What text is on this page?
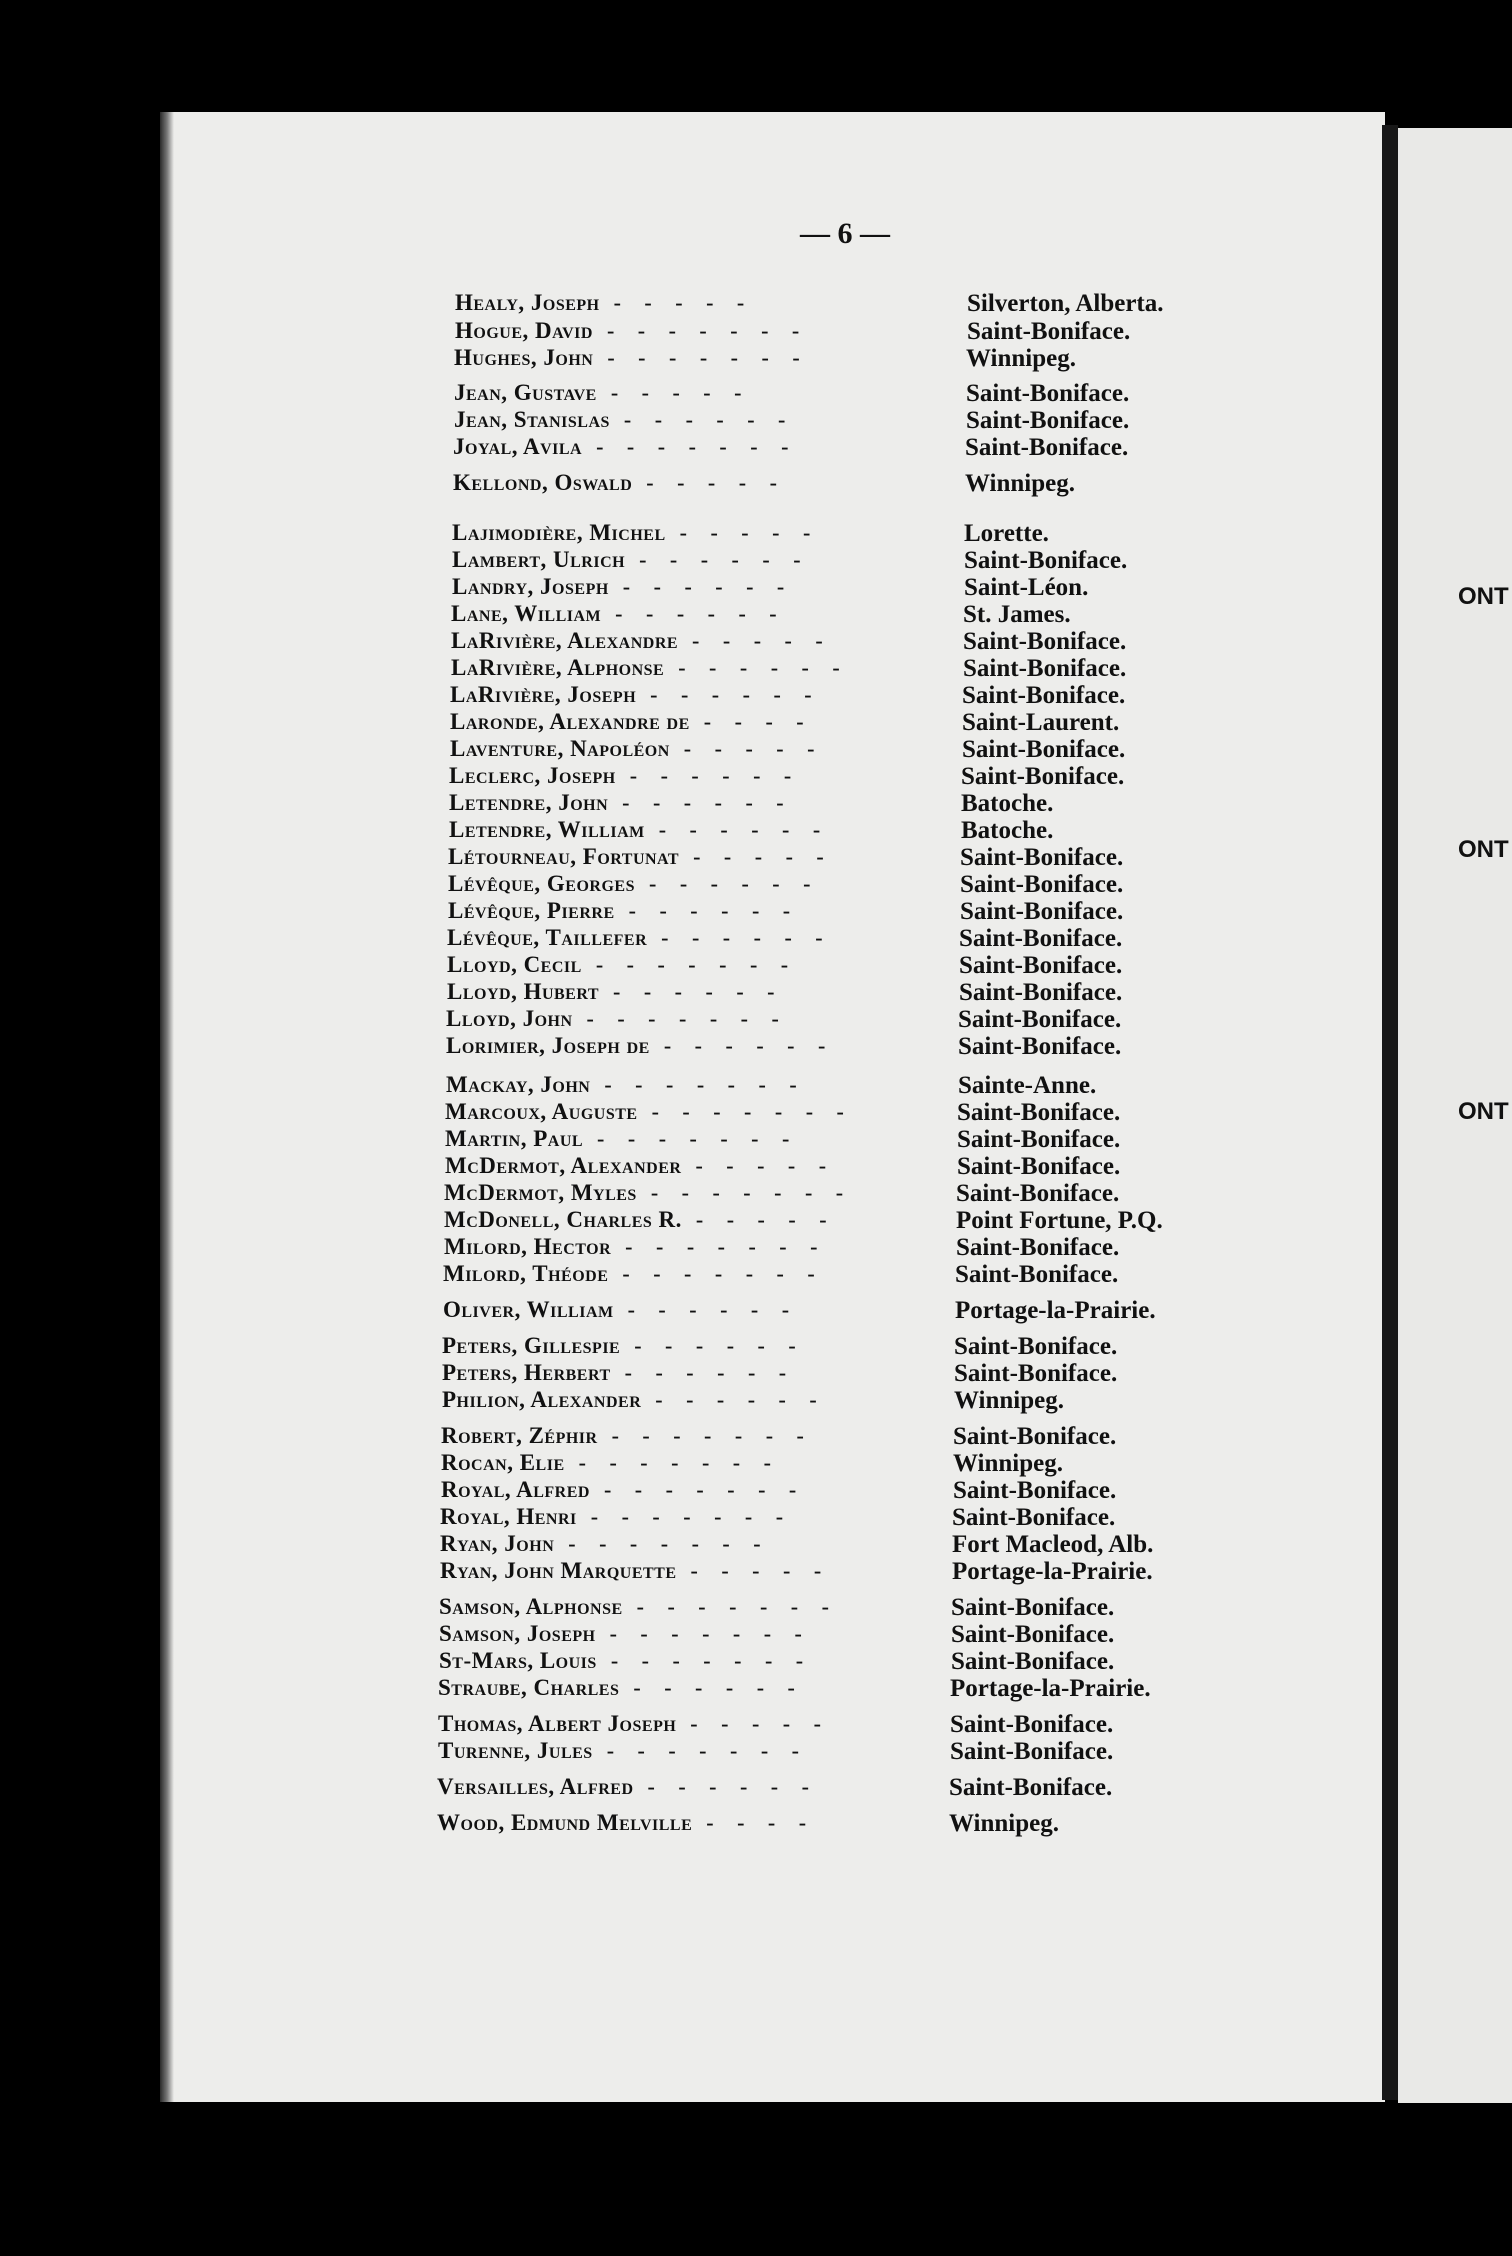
ONT
ONT
ONT
— 6 —
Healy, Joseph	Silverton, Alberta.
- - - - -
Hogue, David	Saint-Boniface.
- - - - - - -
Hughes, John	Winnipeg.
- - - - - - -
Jean, Gustave	Saint-Boniface.
- - - - -
Jean, Stanislas	Saint-Boniface.
- - - - - -
Joyal, Avila	Saint-Boniface.
- - - - - - -
Kellond, Oswald	Winnipeg.
- - - - -
Lajimodière, Michel	Lorette.
- - - - -
Lambert, Ulrich	Saint-Boniface.
- - - - - -
Landry, Joseph	Saint-Léon.
- - - - - -
Lane, William	St. James.
- - - - - -
LaRivière, Alexandre	Saint-Boniface.
- - - - -
LaRivière, Alphonse	Saint-Boniface.
- - - - - -
LaRivière, Joseph	Saint-Boniface.
- - - - - -
Laronde, Alexandre de	Saint-Laurent.
- - - -
Laventure, Napoléon	Saint-Boniface.
- - - - -
Leclerc, Joseph	Saint-Boniface.
- - - - - -
Letendre, John	Batoche.
- - - - - -
Letendre, William	Batoche.
- - - - - -
Létourneau, Fortunat	Saint-Boniface.
- - - - -
Lévêque, Georges	Saint-Boniface.
- - - - - -
Lévêque, Pierre	Saint-Boniface.
- - - - - -
Lévêque, Taillefer	Saint-Boniface.
- - - - - -
Lloyd, Cecil	Saint-Boniface.
- - - - - - -
Lloyd, Hubert	Saint-Boniface.
- - - - - -
Lloyd, John	Saint-Boniface.
- - - - - - -
Lorimier, Joseph de	Saint-Boniface.
- - - - - -
Mackay, John	Sainte-Anne.
- - - - - - -
Marcoux, Auguste	Saint-Boniface.
- - - - - - -
Martin, Paul	Saint-Boniface.
- - - - - - -
McDermot, Alexander	Saint-Boniface.
- - - - -
McDermot, Myles	Saint-Boniface.
- - - - - - -
McDonell, Charles R.	Point Fortune, P.Q.
- - - - -
Milord, Hector	Saint-Boniface.
- - - - - - -
Milord, Théode	Saint-Boniface.
- - - - - - -
Oliver, William	Portage-la-Prairie.
- - - - - -
Peters, Gillespie	Saint-Boniface.
- - - - - -
Peters, Herbert	Saint-Boniface.
- - - - - -
Philion, Alexander	Winnipeg.
- - - - - -
Robert, Zéphir	Saint-Boniface.
- - - - - - -
Rocan, Elie	Winnipeg.
- - - - - - -
Royal, Alfred	Saint-Boniface.
- - - - - - -
Royal, Henri	Saint-Boniface.
- - - - - - -
Ryan, John	Fort Macleod, Alb.
- - - - - - -
Ryan, John Marquette	Portage-la-Prairie.
- - - - -
Samson, Alphonse	Saint-Boniface.
- - - - - - -
Samson, Joseph	Saint-Boniface.
- - - - - - -
St-Mars, Louis	Saint-Boniface.
- - - - - - -
Straube, Charles	Portage-la-Prairie.
- - - - - -
Thomas, Albert Joseph	Saint-Boniface.
- - - - -
Turenne, Jules	Saint-Boniface.
- - - - - - -
Versailles, Alfred	Saint-Boniface.
- - - - - -
Wood, Edmund Melville	Winnipeg.
- - - -
